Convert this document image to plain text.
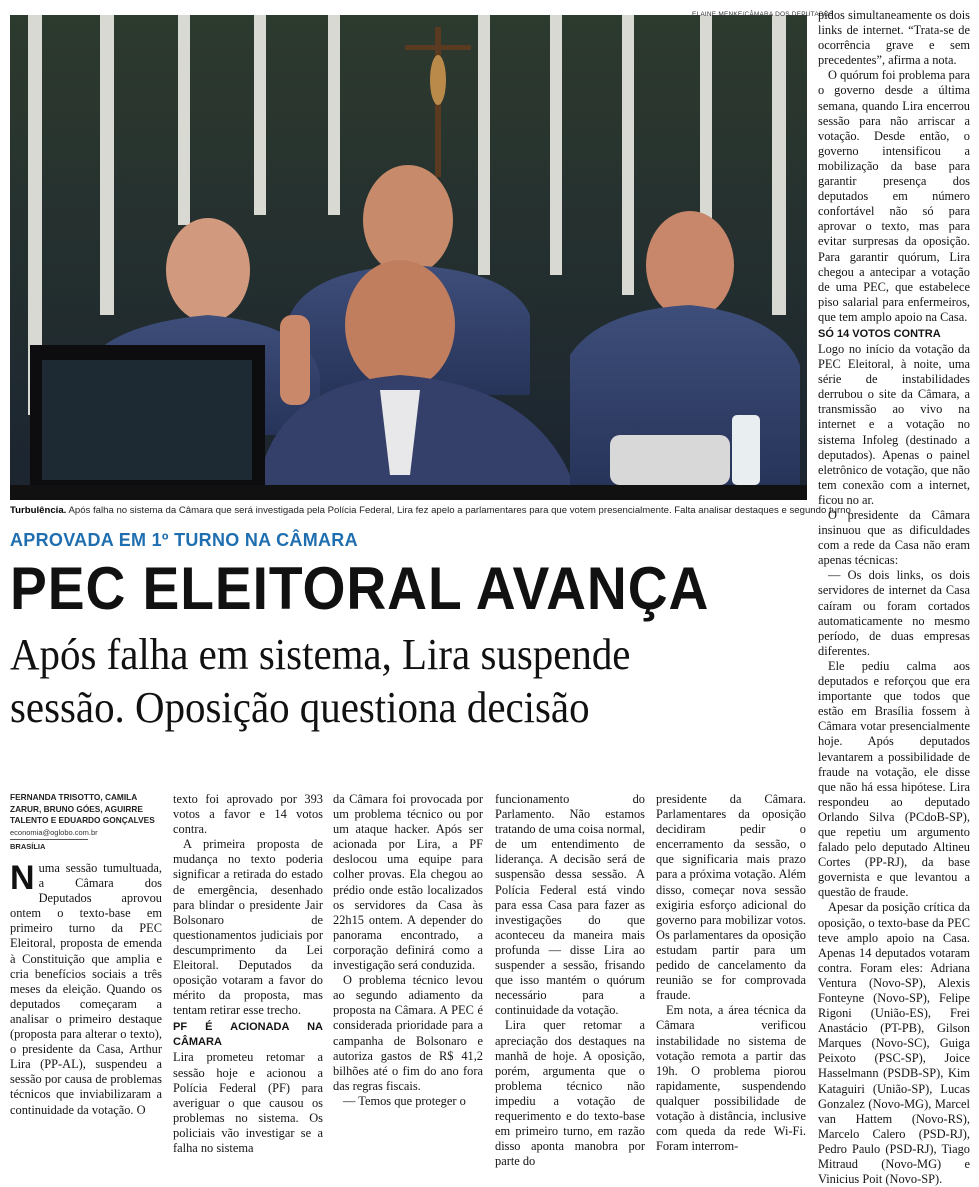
ELAINE MENKE/CÂMARA DOS DEPUTADOS
Turbulência. Após falha no sistema da Câmara que será investigada pela Polícia Federal, Lira fez apelo a parlamentares para que votem presencialmente. Falta analisar destaques e segundo turno
APROVADA EM 1º TURNO NA CÂMARA
PEC ELEITORAL AVANÇA
Após falha em sistema, Lira suspende sessão. Oposição questiona decisão
FERNANDA TRISOTTO, CAMILA ZARUR, BRUNO GÓES, AGUIRRE TALENTO E EDUARDO GONÇALVES
economia@oglobo.com.br
BRASÍLIA

Numa sessão tumultuada, a Câmara dos Deputados aprovou ontem o texto-base em primeiro turno da PEC Eleitoral, proposta de emenda à Constituição que amplia e cria benefícios sociais a três meses da eleição. Quando os deputados começaram a analisar o primeiro destaque (proposta para alterar o texto), o presidente da Casa, Arthur Lira (PP-AL), suspendeu a sessão por causa de problemas técnicos que inviabilizaram a continuidade da votação. O

texto foi aprovado por 393 votos a favor e 14 votos contra.

A primeira proposta de mudança no texto poderia significar a retirada do estado de emergência, desenhado para blindar o presidente Jair Bolsonaro de questionamentos judiciais por descumprimento da Lei Eleitoral. Deputados da oposição votaram a favor do mérito da proposta, mas tentam retirar esse trecho.

PF É ACIONADA NA CÂMARA

Lira prometeu retomar a sessão hoje e acionou a Polícia Federal (PF) para averiguar o que causou os problemas no sistema. Os policiais vão investigar se a falha no sistema

da Câmara foi provocada por um problema técnico ou por um ataque hacker. Após ser acionada por Lira, a PF deslocou uma equipe para colher provas. Ela chegou ao prédio onde estão localizados os servidores da Casa às 22h15 ontem. A depender do panorama encontrado, a corporação definirá como a investigação será conduzida.

O problema técnico levou ao segundo adiamento da proposta na Câmara. A PEC é considerada prioridade para a campanha de Bolsonaro e autoriza gastos de R$ 41,2 bilhões até o fim do ano fora das regras fiscais.

— Temos que proteger o

funcionamento do Parlamento. Não estamos tratando de uma coisa normal, de um entendimento de liderança. A decisão será de suspensão dessa sessão. A Polícia Federal está vindo para essa Casa para fazer as investigações do que aconteceu da maneira mais profunda — disse Lira ao suspender a sessão, frisando que isso mantém o quórum necessário para a continuidade da votação.

Lira quer retomar a apreciação dos destaques na manhã de hoje. A oposição, porém, argumenta que o problema técnico não impediu a votação de requerimento e do texto-base em primeiro turno, em razão disso aponta manobra por parte do

presidente da Câmara. Parlamentares da oposição decidiram pedir o encerramento da sessão, o que significaria mais prazo para a próxima votação. Além disso, começar nova sessão exigiria esforço adicional do governo para mobilizar votos. Os parlamentares da oposição estudam partir para um pedido de cancelamento da reunião se for comprovada fraude.

Em nota, a área técnica da Câmara verificou instabilidade no sistema de votação remota a partir das 19h. O problema piorou rapidamente, suspendendo qualquer possibilidade de votação à distância, inclusive com queda da rede Wi-Fi. Foram interrom-

pidos simultaneamente os dois links de internet. “Trata-se de ocorrência grave e sem precedentes”, afirma a nota.

O quórum foi problema para o governo desde a última semana, quando Lira encerrou sessão para não arriscar a votação. Desde então, o governo intensificou a mobilização da base para garantir presença dos deputados em número confortável não só para aprovar o texto, mas para evitar surpresas da oposição. Para garantir quórum, Lira chegou a antecipar a votação de uma PEC, que estabelece piso salarial para enfermeiros, que tem amplo apoio na Casa.

SÓ 14 VOTOS CONTRA

Logo no início da votação da PEC Eleitoral, à noite, uma série de instabilidades derrubou o site da Câmara, a transmissão ao vivo na internet e a votação no sistema Infoleg (destinado a deputados). Apenas o painel eletrônico de votação, que não tem conexão com a internet, ficou no ar.

O presidente da Câmara insinuou que as dificuldades com a rede da Casa não eram apenas técnicas:

— Os dois links, os dois servidores de internet da Casa caíram ou foram cortados automaticamente no mesmo período, de duas empresas diferentes.

Ele pediu calma aos deputados e reforçou que era importante que todos que estão em Brasília fossem à Câmara votar presencialmente hoje. Após deputados levantarem a possibilidade de fraude na votação, ele disse que não há essa hipótese. Lira respondeu ao deputado Orlando Silva (PCdoB-SP), que repetiu um argumento falado pelo deputado Altineu Cortes (PP-RJ), da base governista e que levantou a questão de fraude.

Apesar da posição crítica da oposição, o texto-base da PEC teve amplo apoio na Casa. Apenas 14 deputados votaram contra. Foram eles: Adriana Ventura (Novo-SP), Alexis Fonteyne (Novo-SP), Felipe Rigoni (União-ES), Frei Anastácio (PT-PB), Gilson Marques (Novo-SC), Guiga Peixoto (PSC-SP), Joice Hasselmann (PSDB-SP), Kim Kataguiri (União-SP), Lucas Gonzalez (Novo-MG), Marcel van Hattem (Novo-RS), Marcelo Calero (PSD-RJ), Pedro Paulo (PSD-RJ), Tiago Mitraud (Novo-MG) e Vinicius Poit (Novo-SP).
